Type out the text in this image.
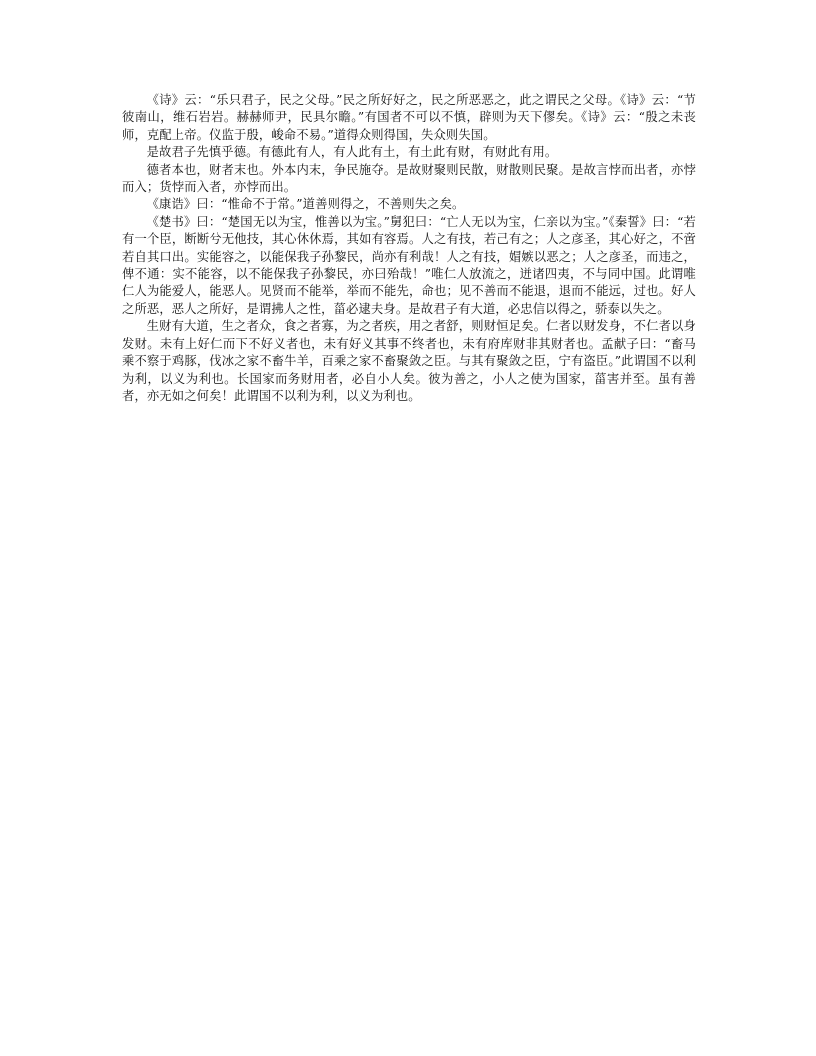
《诗》云：“乐只君子，民之父母。”民之所好好之，民之所恶恶之，此之谓民之父母。《诗》云：“节彼南山，维石岩岩。赫赫师尹，民具尔瞻。”有国者不可以不慎，辟则为天下僇矣。《诗》云：“殷之未丧师，克配上帝。仪监于殷，峻命不易。”道得众则得国，失众则失国。

是故君子先慎乎德。有德此有人，有人此有土，有土此有财，有财此有用。

德者本也，财者末也。外本内末，争民施夺。是故财聚则民散，财散则民聚。是故言悖而出者，亦悖而入；货悖而入者，亦悖而出。

《康诰》曰：“惟命不于常。”道善则得之，不善则失之矣。

《楚书》曰：“楚国无以为宝，惟善以为宝。”舅犯曰：“亡人无以为宝，仁亲以为宝。”《秦誓》曰：“若有一个臣，断断兮无他技，其心休休焉，其如有容焉。人之有技，若己有之；人之彦圣，其心好之，不啻若自其口出。实能容之，以能保我子孙黎民，尚亦有利哉！人之有技，媢嫉以恶之；人之彦圣，而违之，俾不通：实不能容，以不能保我子孙黎民，亦曰殆哉！”唯仁人放流之，迸诸四夷，不与同中国。此谓唯仁人为能爱人，能恶人。见贤而不能举，举而不能先，命也；见不善而不能退，退而不能远，过也。好人之所恶，恶人之所好，是谓拂人之性，菑必逮夫身。是故君子有大道，必忠信以得之，骄泰以失之。

生财有大道，生之者众，食之者寡，为之者疾，用之者舒，则财恒足矣。仁者以财发身，不仁者以身发财。未有上好仁而下不好义者也，未有好义其事不终者也，未有府库财非其财者也。孟献子曰：“畜马乘不察于鸡豚，伐冰之家不畜牛羊，百乘之家不畜聚敛之臣。与其有聚敛之臣，宁有盗臣。”此谓国不以利为利，以义为利也。长国家而务财用者，必自小人矣。彼为善之，小人之使为国家，菑害并至。虽有善者，亦无如之何矣！此谓国不以利为利，以义为利也。
